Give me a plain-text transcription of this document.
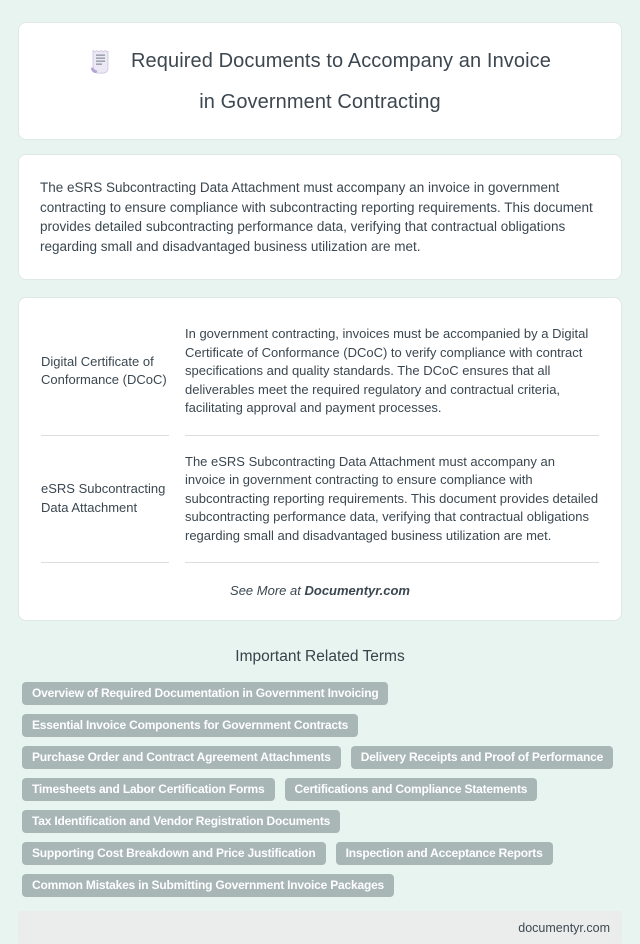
Required Documents to Accompany an Invoice

in Government Contracting

The eSRS Subcontracting Data Attachment must accompany an invoice in government contracting to ensure compliance with subcontracting reporting requirements. This document provides detailed subcontracting performance data, verifying that contractual obligations regarding small and disadvantaged business utilization are met.

Digital Certificate of Conformance (DCoC)
In government contracting, invoices must be accompanied by a Digital Certificate of Conformance (DCoC) to verify compliance with contract specifications and quality standards. The DCoC ensures that all deliverables meet the required regulatory and contractual criteria, facilitating approval and payment processes.
eSRS Subcontracting Data Attachment
The eSRS Subcontracting Data Attachment must accompany an invoice in government contracting to ensure compliance with subcontracting reporting requirements. This document provides detailed subcontracting performance data, verifying that contractual obligations regarding small and disadvantaged business utilization are met.
See More at Documentyr.com
Important Related Terms
Overview of Required Documentation in Government Invoicing
Essential Invoice Components for Government Contracts
Purchase Order and Contract Agreement Attachments	Delivery Receipts and Proof of Performance
Timesheets and Labor Certification Forms	Certifications and Compliance Statements
Tax Identification and Vendor Registration Documents
Supporting Cost Breakdown and Price Justification	Inspection and Acceptance Reports
Common Mistakes in Submitting Government Invoice Packages
documentyr.com
